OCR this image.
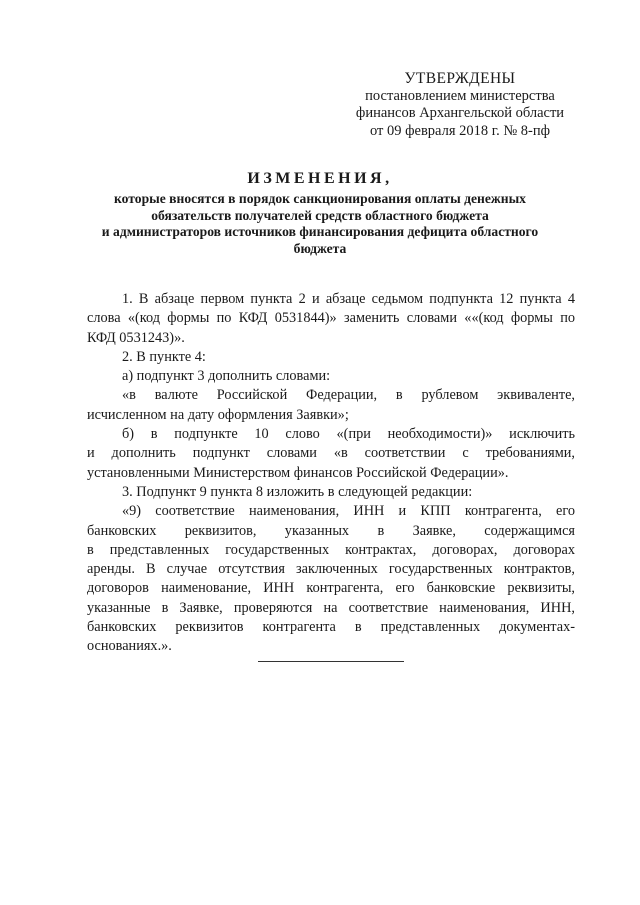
УТВЕРЖДЕНЫ
постановлением министерства
финансов Архангельской области
от 09 февраля 2018 г. № 8-пф
ИЗМЕНЕНИЯ,
которые вносятся в порядок санкционирования оплаты денежных
обязательств получателей средств областного бюджета
и администраторов источников финансирования дефицита областного
бюджета
1. В абзаце первом пункта 2 и абзаце седьмом подпункта 12 пункта 4
слова «(код формы по КФД 0531844)» заменить словами ««(код формы по
КФД 0531243)».
2. В пункте 4:
а) подпункт 3 дополнить словами:
«в валюте Российской Федерации, в рублевом эквиваленте,
исчисленном на дату оформления Заявки»;
б) в подпункте 10 слово «(при необходимости)» исключить
и дополнить подпункт словами «в соответствии с требованиями,
установленными Министерством финансов Российской Федерации».
3. Подпункт 9 пункта 8 изложить в следующей редакции:
«9) соответствие наименования, ИНН и КПП контрагента, его
банковских реквизитов, указанных в Заявке, содержащимся
в представленных государственных контрактах, договорах, договорах
аренды. В случае отсутствия заключенных государственных контрактов,
договоров наименование, ИНН контрагента, его банковские реквизиты,
указанные в Заявке, проверяются на соответствие наименования, ИНН,
банковских реквизитов контрагента в представленных документах-
основаниях.».
